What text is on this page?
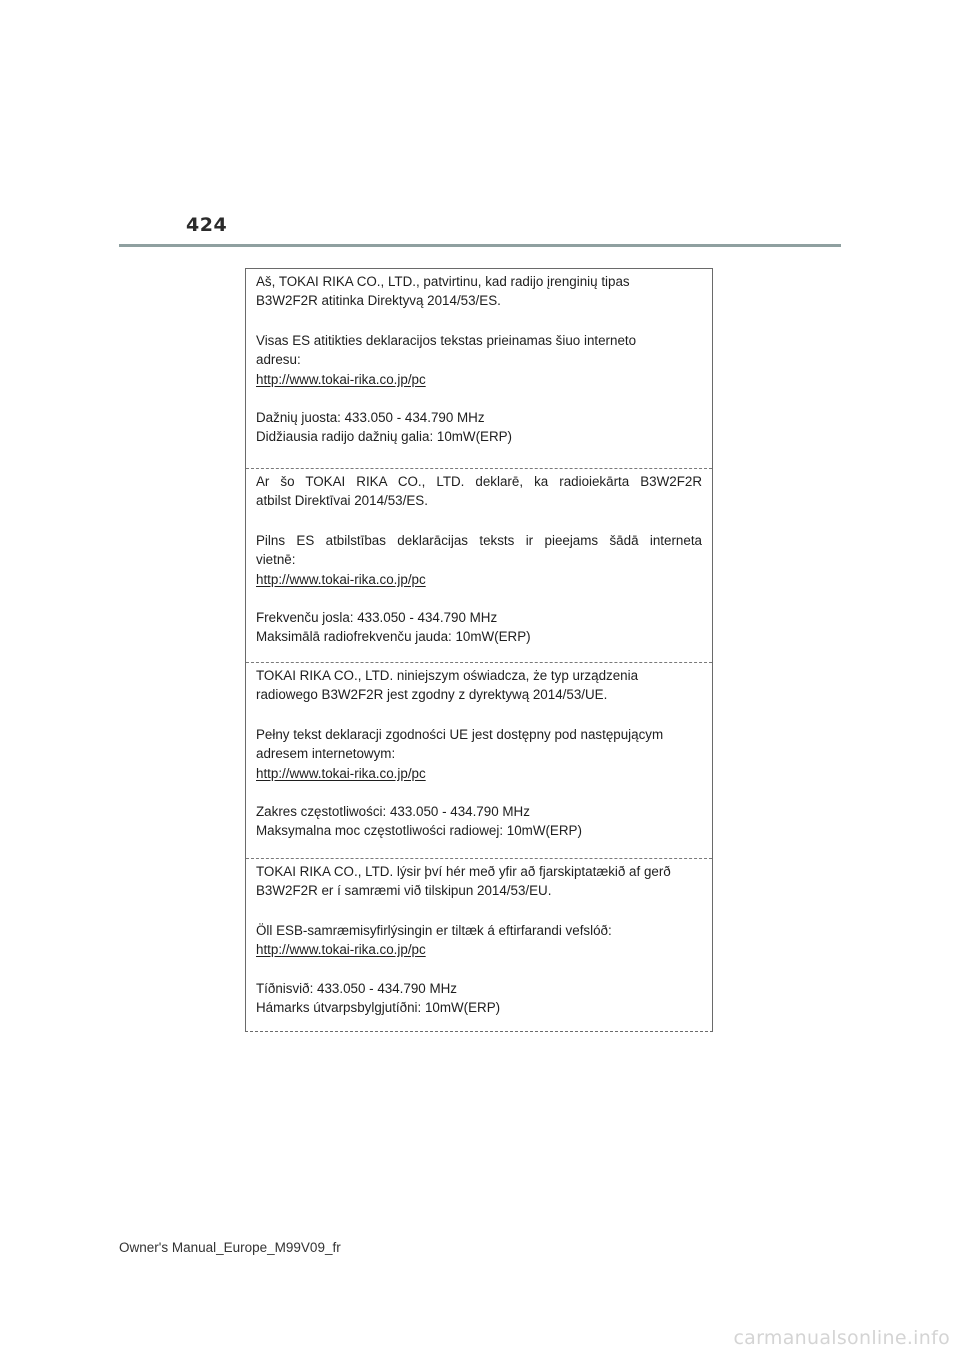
424

Aš, TOKAI RIKA CO., LTD., patvirtinu, kad radijo įrenginių tipas

B3W2F2R atitinka Direktyvą 2014/53/ES.

Visas ES atitikties deklaracijos tekstas prieinamas šiuo interneto

adresu:

http://www.tokai-rika.co.jp/pc

Dažnių juosta: 433.050 - 434.790 MHz

Didžiausia radijo dažnių galia: 10mW(ERP)

Ar šo TOKAI RIKA CO., LTD. deklarē, ka radioiekārta B3W2F2R

atbilst Direktīvai 2014/53/ES.

Pilns ES atbilstības deklarācijas teksts ir pieejams šādā interneta

vietnē:

http://www.tokai-rika.co.jp/pc

Frekvenču josla: 433.050 - 434.790 MHz

Maksimālā radiofrekvenču jauda: 10mW(ERP)

TOKAI RIKA CO., LTD. niniejszym oświadcza, że typ urządzenia

radiowego B3W2F2R jest zgodny z dyrektywą 2014/53/UE.

Pełny tekst deklaracji zgodności UE jest dostępny pod następującym

adresem internetowym:

http://www.tokai-rika.co.jp/pc

Zakres częstotliwości: 433.050 - 434.790 MHz

Maksymalna moc częstotliwości radiowej: 10mW(ERP)

TOKAI RIKA CO., LTD. lýsir því hér með yfir að fjarskiptatækið af gerð

B3W2F2R er í samræmi við tilskipun 2014/53/EU.

Öll ESB-samræmisyfirlýsingin er tiltæk á eftirfarandi vefslóð:

http://www.tokai-rika.co.jp/pc

Tíðnisvið: 433.050 - 434.790 MHz

Hámarks útvarpsbylgjutíðni: 10mW(ERP)

Owner's Manual_Europe_M99V09_fr
carmanualsonline.info
